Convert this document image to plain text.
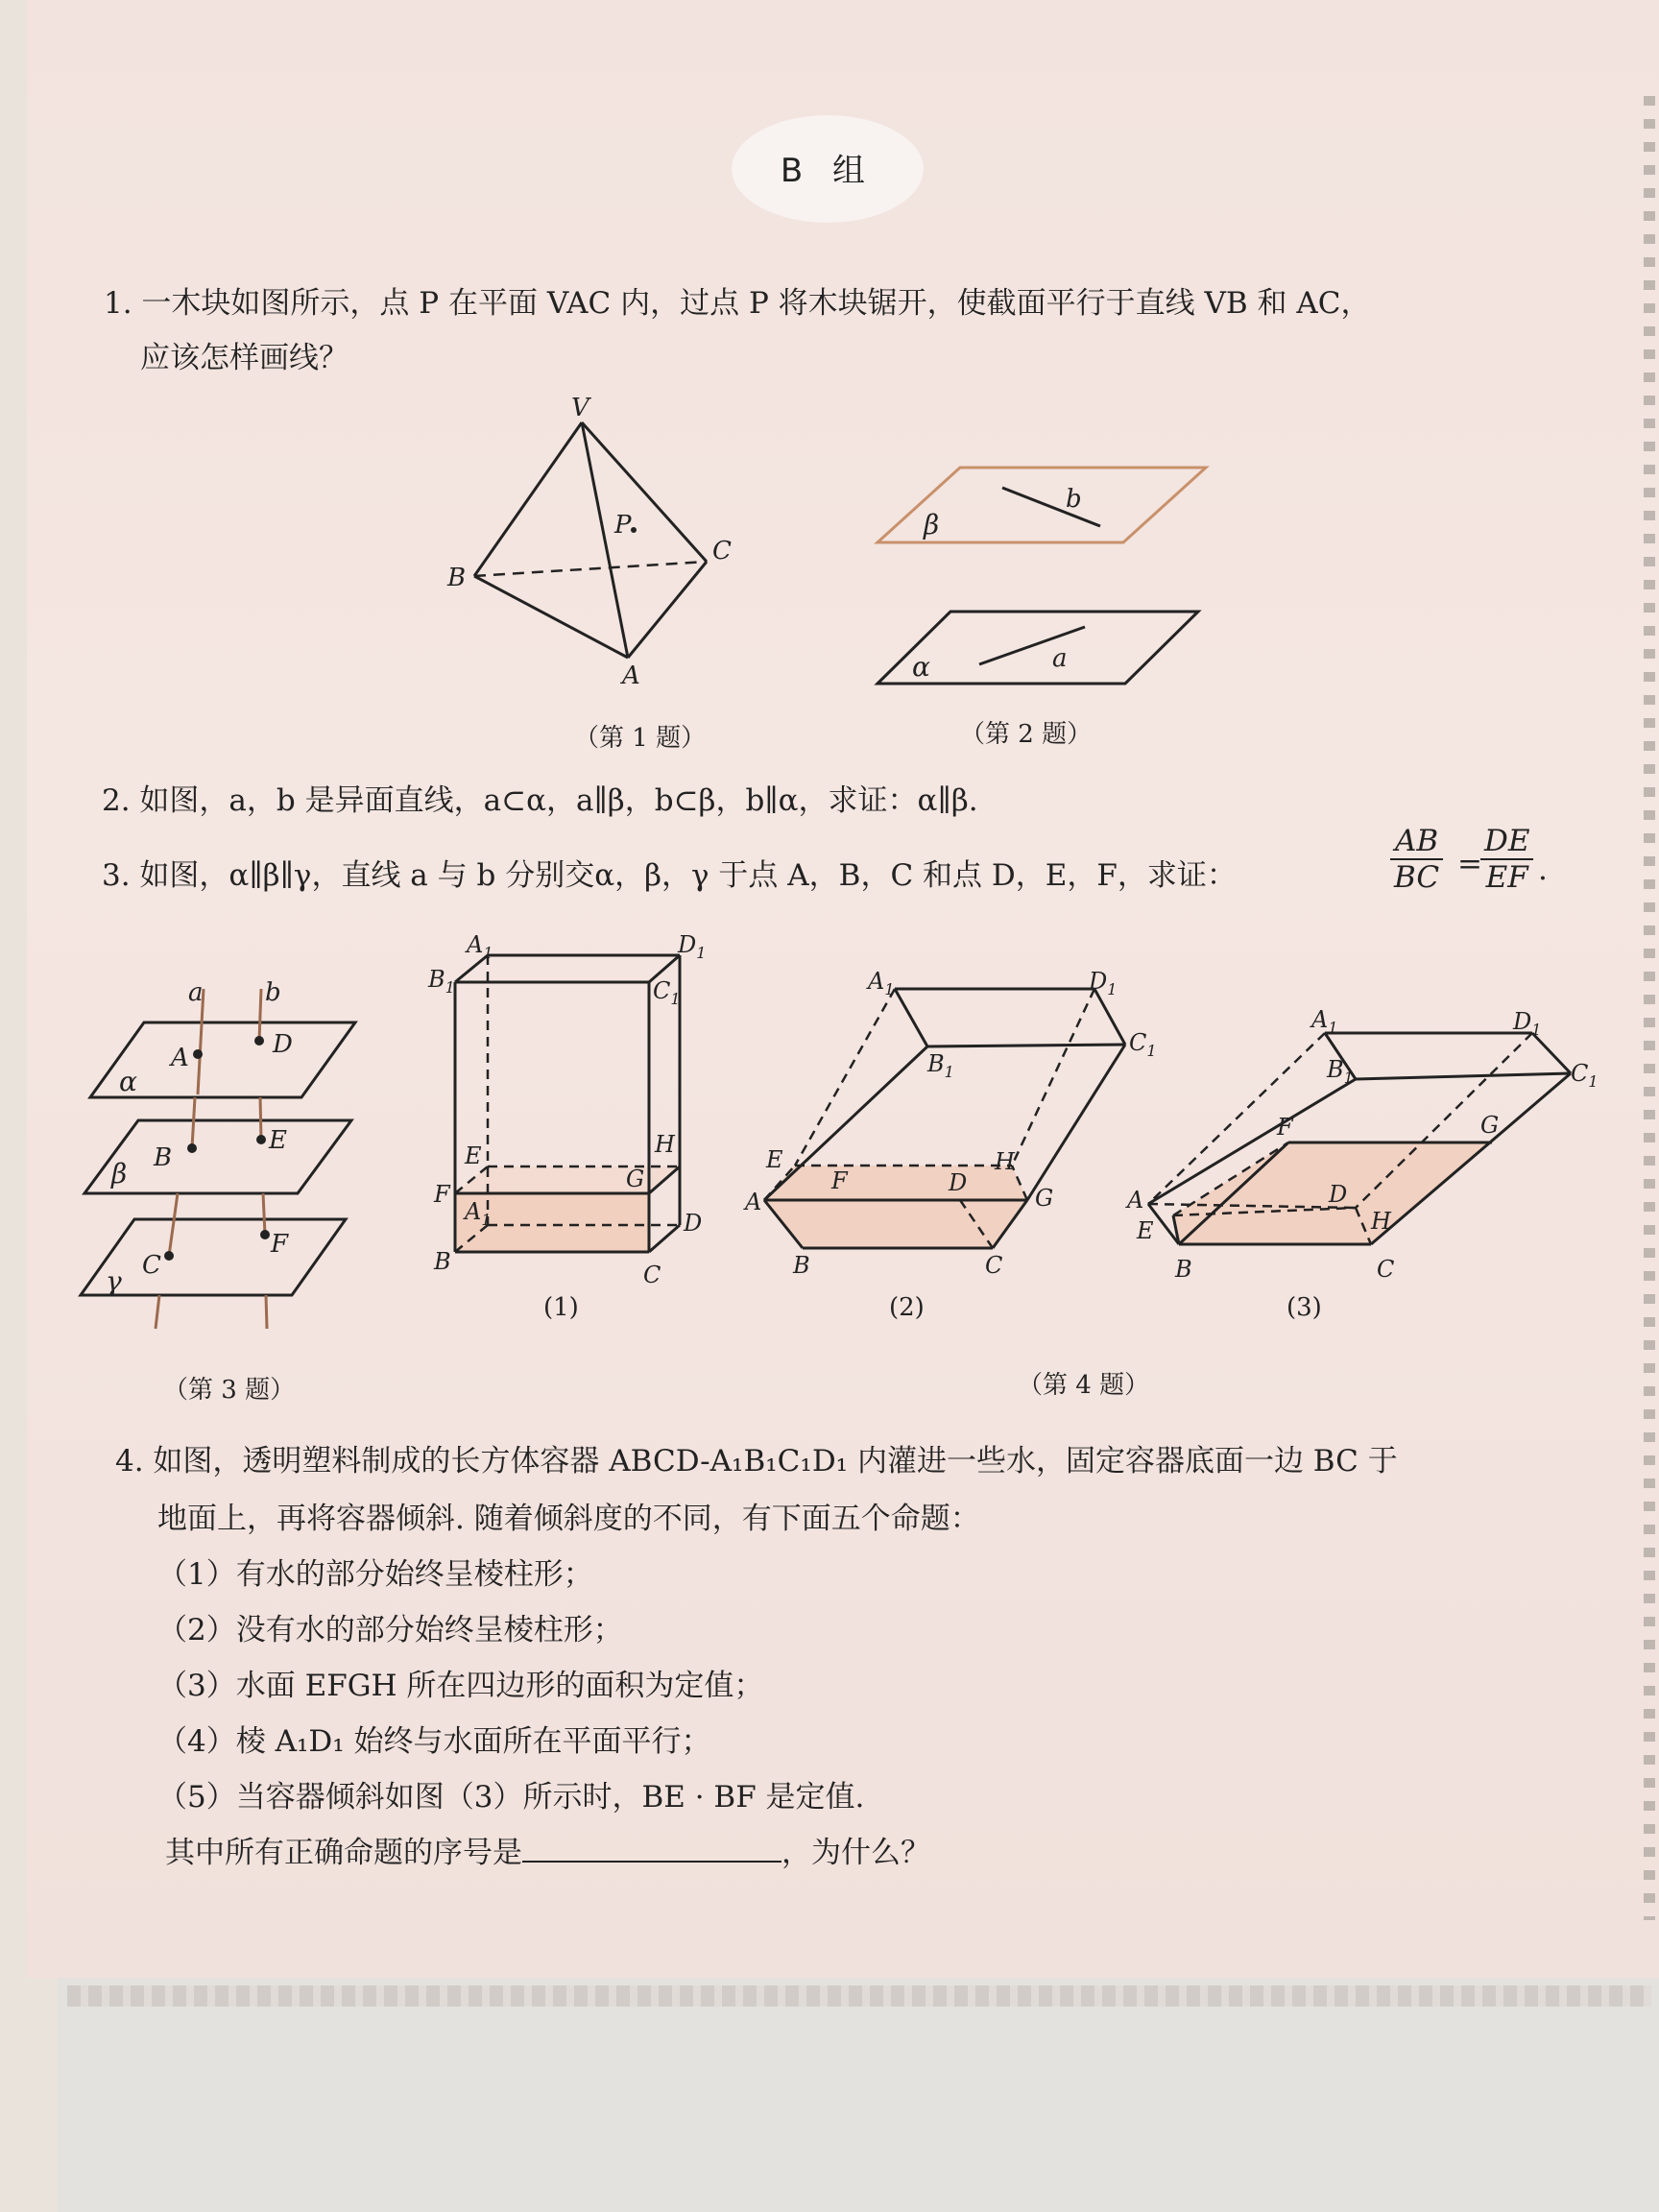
B 组
1. 一木块如图所示，点 P 在平面 VAC 内，过点 P 将木块锯开，使截面平行于直线 VB 和 AC，
应该怎样画线？
V
P
B
C
A
β
b
α	a
a b
A	D
α
B
E
β
C
F
γ
$A_1$	$D_1$
$B_1$	$C_1$
E	H
F
G
$A_1$	D
B	C
$A_1$	$D_1$
$B_1$
$C_1$
E
F	D
H
A	G
B	C
$A_1$	$D_1$
$B_1$	$C_1$
F	G
D
H
A
E
B	C
（第 1 题）	（第 2 题）
2. 如图，a，b 是异面直线，a⊂α，a∥β，b⊂β，b∥α，求证：α∥β.
3. 如图，α∥β∥γ，直线 a 与 b 分别交α，β，γ 于点 A，B，C 和点 D，E，F，求证：	$\frac{AB}{BC}$ =
$\frac{DE}{EF}$ .
(1)	(2)	(3)
（第 3 题）	（第 4 题）
4. 如图，透明塑料制成的长方体容器 ABCD-A₁B₁C₁D₁ 内灌进一些水，固定容器底面一边 BC 于
地面上，再将容器倾斜. 随着倾斜度的不同，有下面五个命题：
（1）有水的部分始终呈棱柱形；
（2）没有水的部分始终呈棱柱形；
（3）水面 EFGH 所在四边形的面积为定值；
（4）棱 A₁D₁ 始终与水面所在平面平行；
（5）当容器倾斜如图（3）所示时，BE · BF 是定值.
其中所有正确命题的序号是	，为什么？
